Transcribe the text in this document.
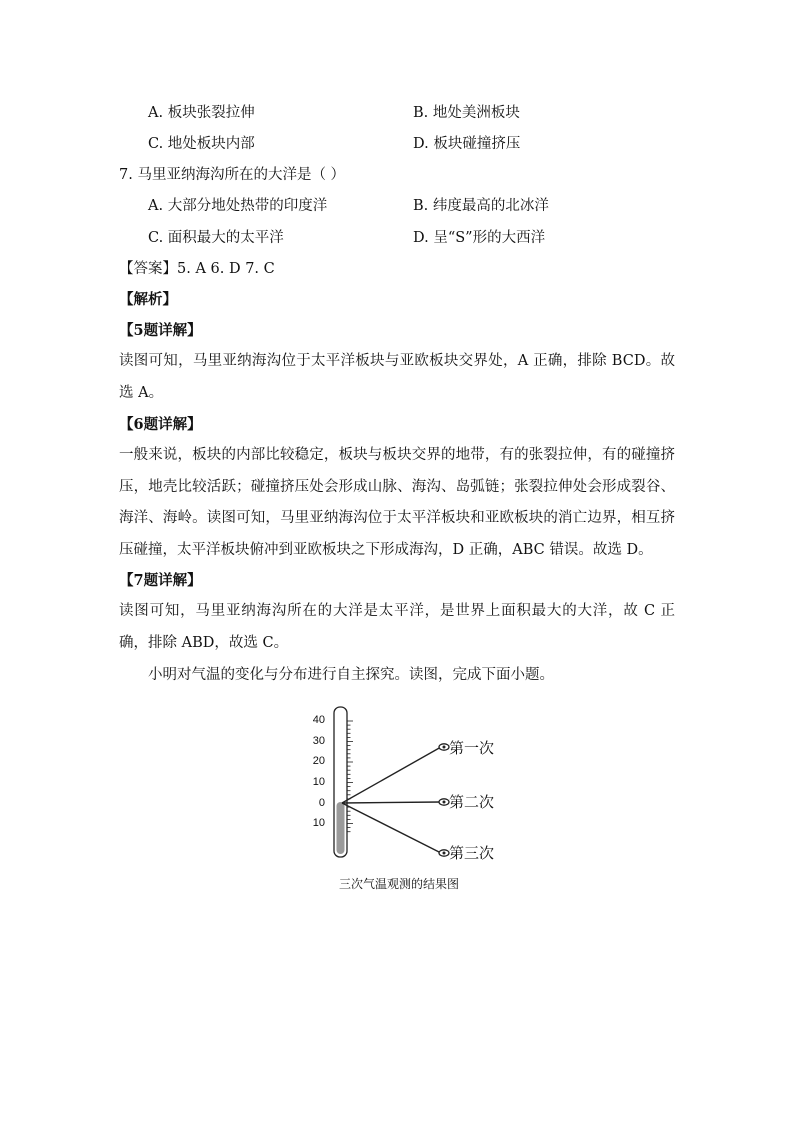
A. 板块张裂拉伸	B. 地处美洲板块
C. 地处板块内部	D. 板块碰撞挤压
7. 马里亚纳海沟所在的大洋是（ ）
A. 大部分地处热带的印度洋	B. 纬度最高的北冰洋
C. 面积最大的太平洋	D. 呈“S”形的大西洋
【答案】5. A 6. D 7. C
【解析】
【5题详解】
读图可知，马里亚纳海沟位于太平洋板块与亚欧板块交界处，A 正确，排除 BCD。故选 A。
【6题详解】
一般来说，板块的内部比较稳定，板块与板块交界的地带，有的张裂拉伸，有的碰撞挤压，地壳比较活跃；碰撞挤压处会形成山脉、海沟、岛弧链；张裂拉伸处会形成裂谷、海洋、海岭。读图可知，马里亚纳海沟位于太平洋板块和亚欧板块的消亡边界，相互挤压碰撞，太平洋板块俯冲到亚欧板块之下形成海沟，D 正确，ABC 错误。故选 D。
【7题详解】
读图可知，马里亚纳海沟所在的大洋是太平洋，是世界上面积最大的大洋，故 C 正确，排除 ABD，故选 C。
小明对气温的变化与分布进行自主探究。读图，完成下面小题。
40
30
20
10
0
10
第一次
第二次
第三次
三次气温观测的结果图
